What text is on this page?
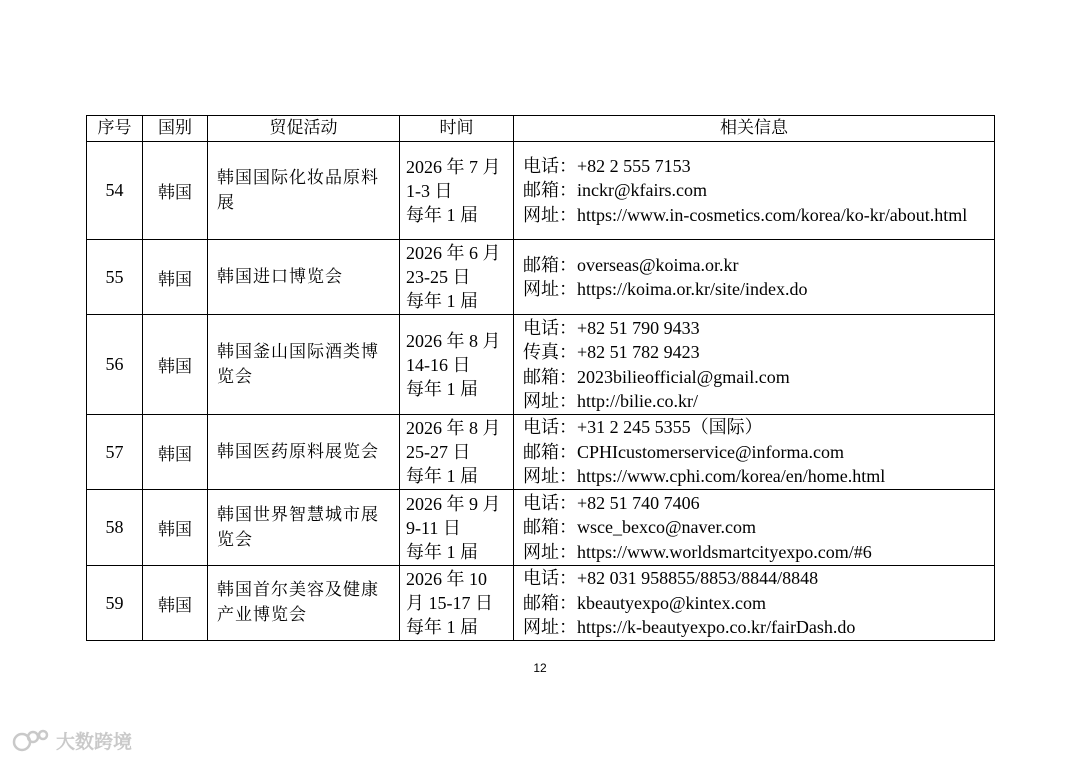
序号	国别	贸促活动	时间	相关信息
54	韩国	韩国国际化妆品原料展	2026 年 7 月
1-3 日
每年 1 届	电话：+82 2 555 7153
邮箱：inckr@kfairs.com
网址：https://www.in-cosmetics.com/korea/ko-kr/about.html

55	韩国	韩国进口博览会	2026 年 6 月
23-25 日
每年 1 届	邮箱：overseas@koima.or.kr
网址：https://koima.or.kr/site/index.do

56	韩国	韩国釜山国际酒类博览会	2026 年 8 月
14-16 日
每年 1 届	电话：+82 51 790 9433
传真：+82 51 782 9423
邮箱：2023bilieofficial@gmail.com
网址：http://bilie.co.kr/

57	韩国	韩国医药原料展览会	2026 年 8 月
25-27 日
每年 1 届	电话：+31 2 245 5355（国际）
邮箱：CPHIcustomerservice@informa.com
网址：https://www.cphi.com/korea/en/home.html

58	韩国	韩国世界智慧城市展览会	2026 年 9 月
9-11 日
每年 1 届	电话：+82 51 740 7406
邮箱：wsce_bexco@naver.com
网址：https://www.worldsmartcityexpo.com/#6

59	韩国	韩国首尔美容及健康产业博览会	2026 年 10
月 15-17 日
每年 1 届	电话：+82 031 958855/8853/8844/8848
邮箱：kbeautyexpo@kintex.com
网址：https://k-beautyexpo.co.kr/fairDash.do
12
大数跨境
